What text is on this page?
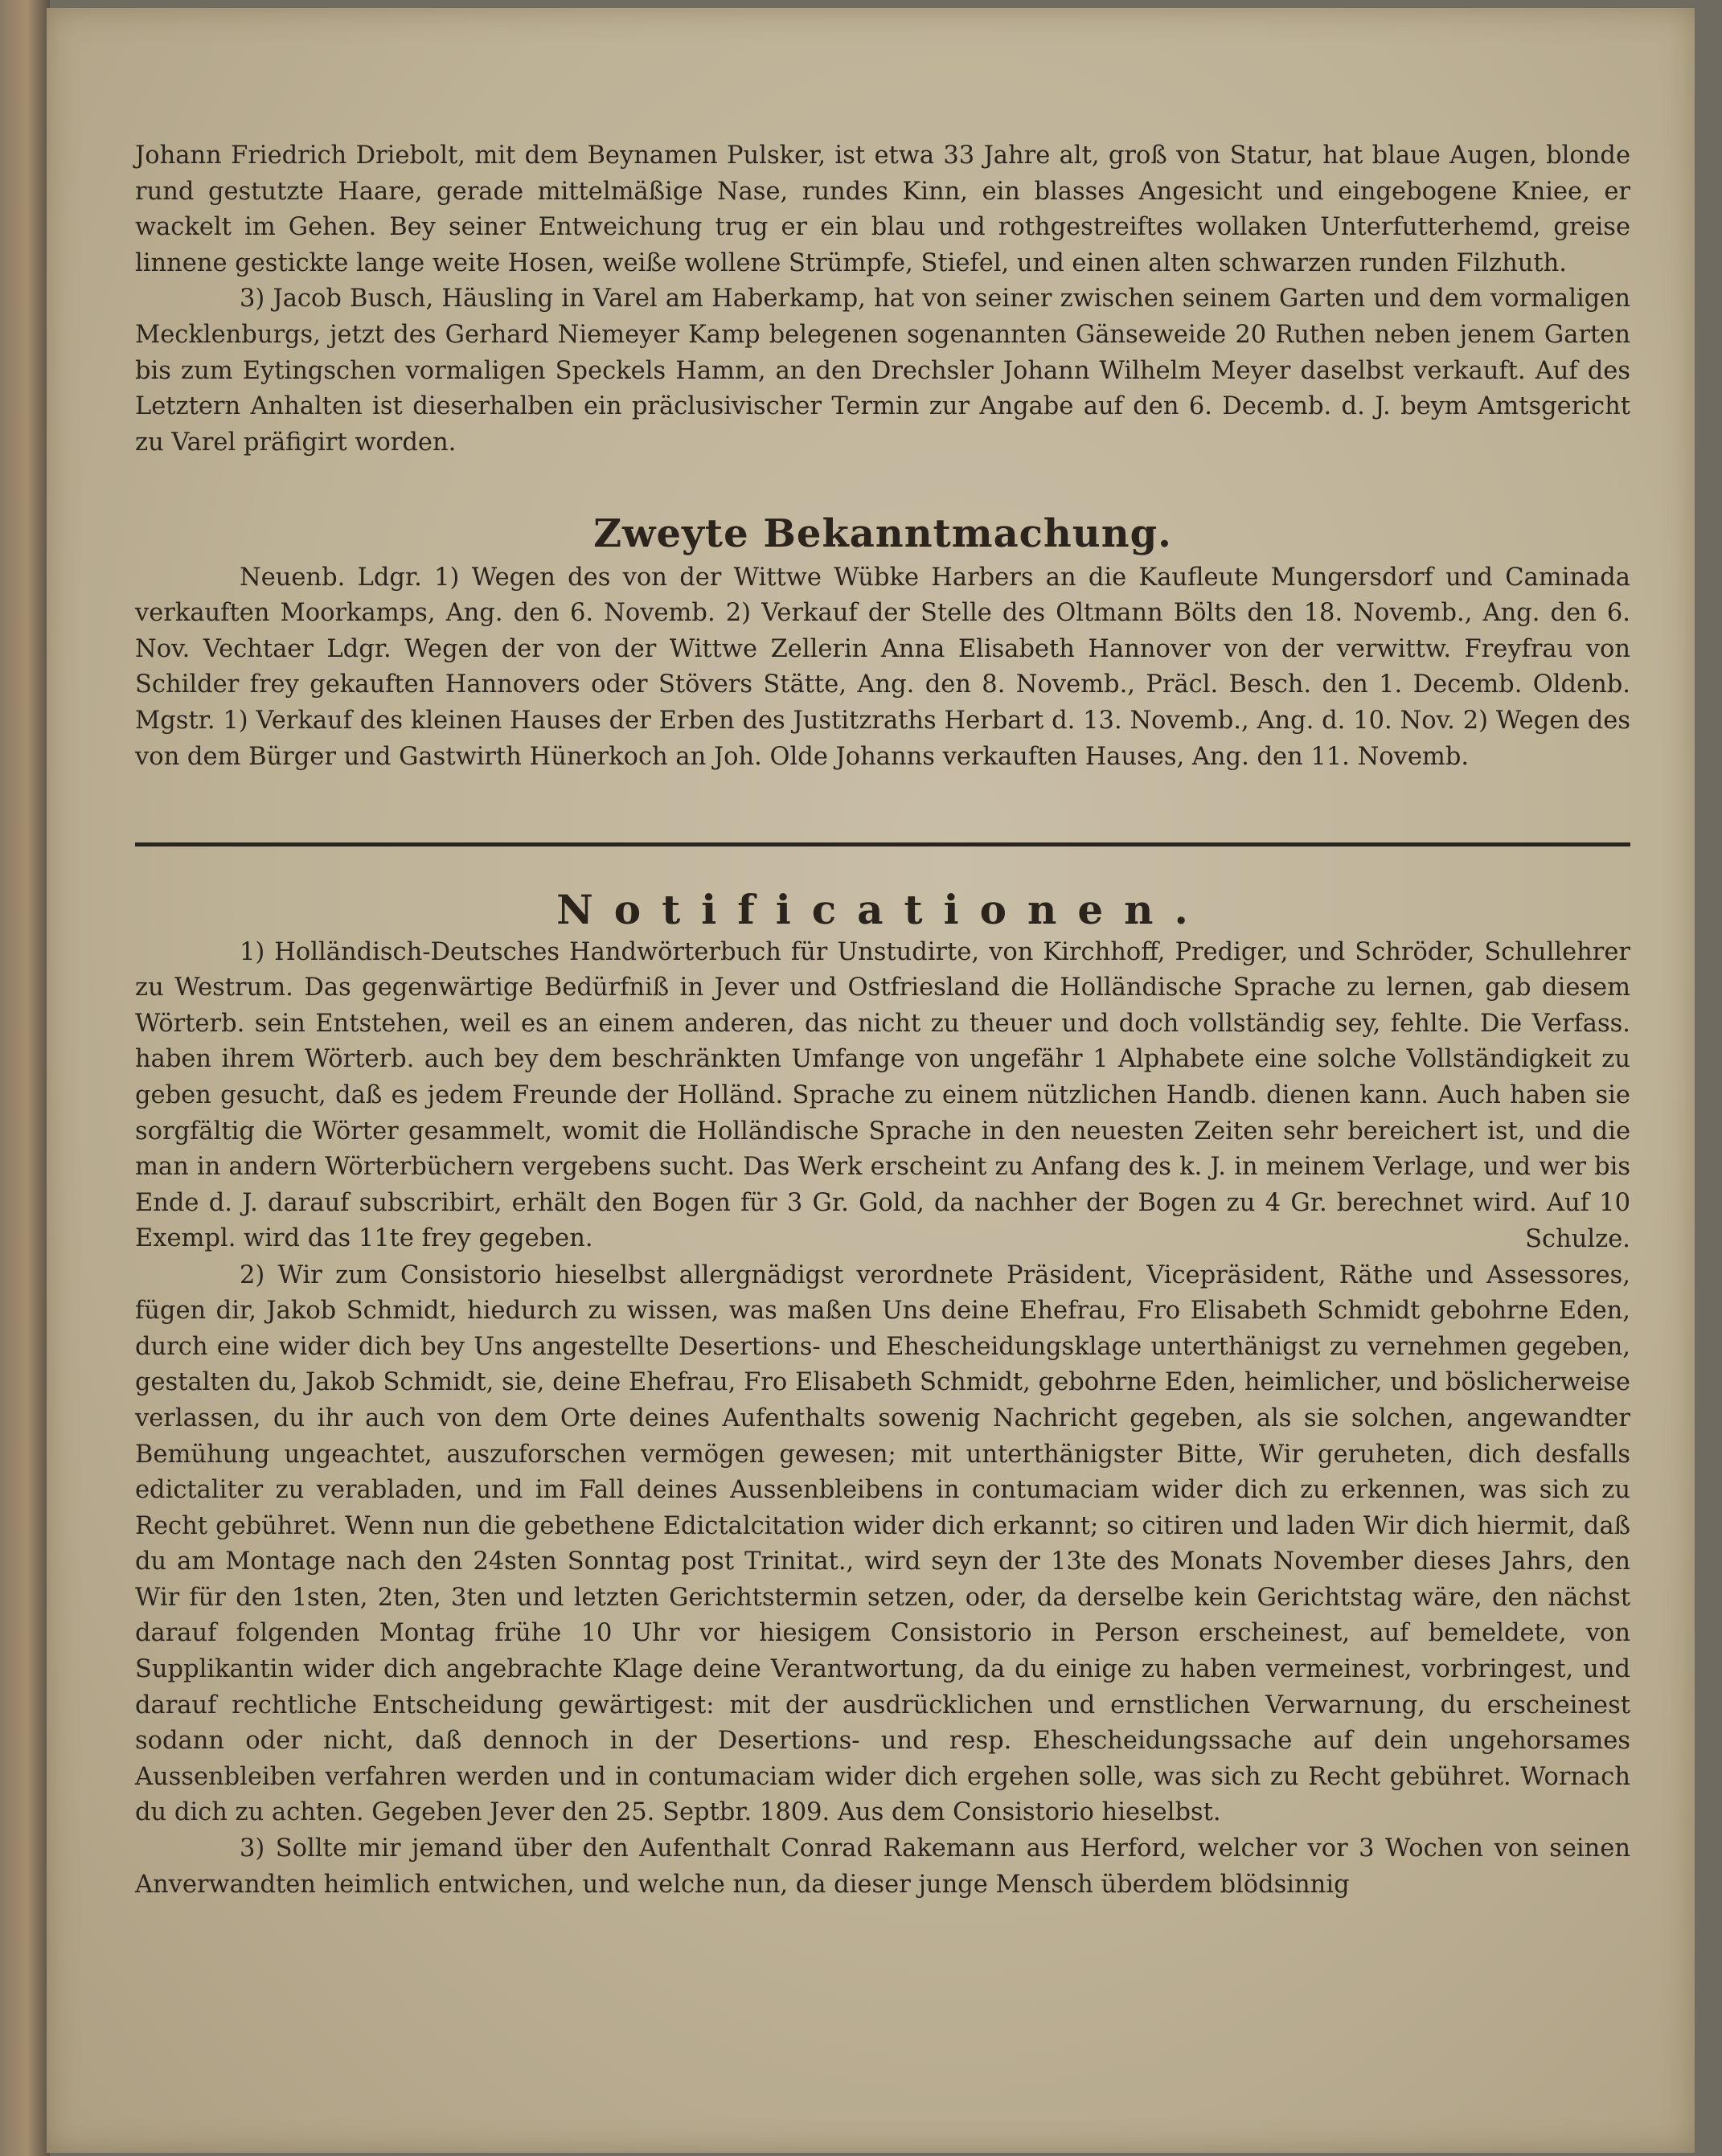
Johann Friedrich Driebolt, mit dem Beynamen Pulsker, ist etwa 33 Jahre alt, groß von Statur, hat blaue Augen, blonde rund gestutzte Haare, gerade mittelmäßige Nase, rundes Kinn, ein blasses Angesicht und eingebogene Kniee, er wackelt im Gehen. Bey seiner Entweichung trug er ein blau und rothgestreiftes wollaken Unterfutterhemd, greise linnene gestickte lange weite Hosen, weiße wollene Strümpfe, Stiefel, und einen alten schwarzen runden Filzhuth.

3) Jacob Busch, Häusling in Varel am Haberkamp, hat von seiner zwischen seinem Garten und dem vormaligen Mecklenburgs, jetzt des Gerhard Niemeyer Kamp belegenen sogenannten Gänseweide 20 Ruthen neben jenem Garten bis zum Eytingschen vormaligen Speckels Hamm, an den Drechsler Johann Wilhelm Meyer daselbst verkauft. Auf des Letztern Anhalten ist dieserhalben ein präclusivischer Termin zur Angabe auf den 6. Decemb. d. J. beym Amtsgericht zu Varel präfigirt worden.

Zweyte Bekanntmachung.

Neuenb. Ldgr. 1) Wegen des von der Wittwe Wübke Harbers an die Kaufleute Mungersdorf und Caminada verkauften Moorkamps, Ang. den 6. Novemb. 2) Verkauf der Stelle des Oltmann Bölts den 18. Novemb., Ang. den 6. Nov. Vechtaer Ldgr. Wegen der von der Wittwe Zellerin Anna Elisabeth Hannover von der verwittw. Freyfrau von Schilder frey gekauften Hannovers oder Stövers Stätte, Ang. den 8. Novemb., Präcl. Besch. den 1. Decemb. Oldenb. Mgstr. 1) Verkauf des kleinen Hauses der Erben des Justitzraths Herbart d. 13. Novemb., Ang. d. 10. Nov. 2) Wegen des von dem Bürger und Gastwirth Hünerkoch an Joh. Olde Johanns verkauften Hauses, Ang. den 11. Novemb.

Notificationen.

1) Holländisch-Deutsches Handwörterbuch für Unstudirte, von Kirchhoff, Prediger, und Schröder, Schullehrer zu Westrum. Das gegenwärtige Bedürfniß in Jever und Ostfriesland die Holländische Sprache zu lernen, gab diesem Wörterb. sein Entstehen, weil es an einem anderen, das nicht zu theuer und doch vollständig sey, fehlte. Die Verfass. haben ihrem Wörterb. auch bey dem beschränkten Umfange von ungefähr 1 Alphabete eine solche Vollständigkeit zu geben gesucht, daß es jedem Freunde der Holländ. Sprache zu einem nützlichen Handb. dienen kann. Auch haben sie sorgfältig die Wörter gesammelt, womit die Holländische Sprache in den neuesten Zeiten sehr bereichert ist, und die man in andern Wörterbüchern vergebens sucht. Das Werk erscheint zu Anfang des k. J. in meinem Verlage, und wer bis Ende d. J. darauf subscribirt, erhält den Bogen für 3 Gr. Gold, da nachher der Bogen zu 4 Gr. berechnet wird. Auf 10 Exempl. wird das 11te frey gegeben.	Schulze.

2) Wir zum Consistorio hieselbst allergnädigst verordnete Präsident, Vicepräsident, Räthe und Assessores, fügen dir, Jakob Schmidt, hiedurch zu wissen, was maßen Uns deine Ehefrau, Fro Elisabeth Schmidt gebohrne Eden, durch eine wider dich bey Uns angestellte Desertions- und Ehescheidungsklage unterthänigst zu vernehmen gegeben, gestalten du, Jakob Schmidt, sie, deine Ehefrau, Fro Elisabeth Schmidt, gebohrne Eden, heimlicher, und böslicherweise verlassen, du ihr auch von dem Orte deines Aufenthalts sowenig Nachricht gegeben, als sie solchen, angewandter Bemühung ungeachtet, auszuforschen vermögen gewesen; mit unterthänigster Bitte, Wir geruheten, dich desfalls edictaliter zu verabladen, und im Fall deines Aussenbleibens in contumaciam wider dich zu erkennen, was sich zu Recht gebühret. Wenn nun die gebethene Edictalcitation wider dich erkannt; so citiren und laden Wir dich hiermit, daß du am Montage nach den 24sten Sonntag post Trinitat., wird seyn der 13te des Monats November dieses Jahrs, den Wir für den 1sten, 2ten, 3ten und letzten Gerichtstermin setzen, oder, da derselbe kein Gerichtstag wäre, den nächst darauf folgenden Montag frühe 10 Uhr vor hiesigem Consistorio in Person erscheinest, auf bemeldete, von Supplikantin wider dich angebrachte Klage deine Verantwortung, da du einige zu haben vermeinest, vorbringest, und darauf rechtliche Entscheidung gewärtigest: mit der ausdrücklichen und ernstlichen Verwarnung, du erscheinest sodann oder nicht, daß dennoch in der Desertions- und resp. Ehescheidungssache auf dein ungehorsames Aussenbleiben verfahren werden und in contumaciam wider dich ergehen solle, was sich zu Recht gebühret. Wornach du dich zu achten. Gegeben Jever den 25. Septbr. 1809. Aus dem Consistorio hieselbst.

3) Sollte mir jemand über den Aufenthalt Conrad Rakemann aus Herford, welcher vor 3 Wochen von seinen Anverwandten heimlich entwichen, und welche nun, da dieser junge Mensch überdem blödsinnig
